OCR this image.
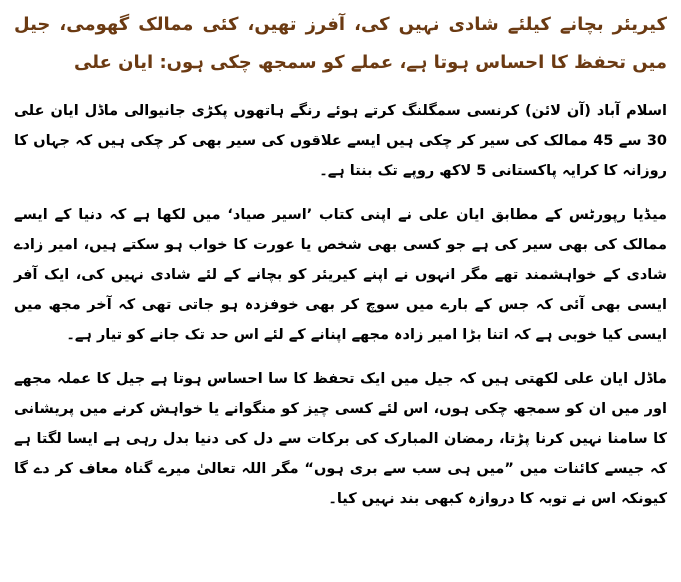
کیریئر بچانے کیلئے شادی نہیں کی، آفرز تھیں، کئی ممالک گھومی، جیل میں تحفظ کا احساس ہوتا ہے، عملے کو سمجھ چکی ہوں: ایان علی

اسلام آباد (آن لائن) کرنسی سمگلنگ کرتے ہوئے رنگے ہاتھوں پکڑی جانیوالی ماڈل ایان علی 30 سے 45 ممالک کی سیر کر چکی ہیں ایسے علاقوں کی سیر بھی کر چکی ہیں کہ جہاں کا روزانہ کا کرایہ پاکستانی 5 لاکھ روپے تک بنتا ہے۔

میڈیا رپورٹس کے مطابق ایان علی نے اپنی کتاب ’اسیر صیاد‘ میں لکھا ہے کہ دنیا کے ایسے ممالک کی بھی سیر کی ہے جو کسی بھی شخص یا عورت کا خواب ہو سکتے ہیں، امیر زادے شادی کے خواہشمند تھے مگر انہوں نے اپنے کیریئر کو بچانے کے لئے شادی نہیں کی، ایک آفر ایسی بھی آئی کہ جس کے بارے میں سوچ کر بھی خوفزدہ ہو جاتی تھی کہ آخر مجھ میں ایسی کیا خوبی ہے کہ اتنا بڑا امیر زادہ مجھے اپنانے کے لئے اس حد تک جانے کو تیار ہے۔

ماڈل ایان علی لکھتی ہیں کہ جیل میں ایک تحفظ کا سا احساس ہوتا ہے جیل کا عملہ مجھے اور میں ان کو سمجھ چکی ہوں، اس لئے کسی چیز کو منگوانے یا خواہش کرنے میں پریشانی کا سامنا نہیں کرنا پڑتا، رمضان المبارک کی برکات سے دل کی دنیا بدل رہی ہے ایسا لگتا ہے کہ جیسے کائنات میں ”میں ہی سب سے بری ہوں“ مگر اللہ تعالیٰ میرے گناہ معاف کر دے گا کیونکہ اس نے توبہ کا دروازہ کبھی بند نہیں کیا۔
